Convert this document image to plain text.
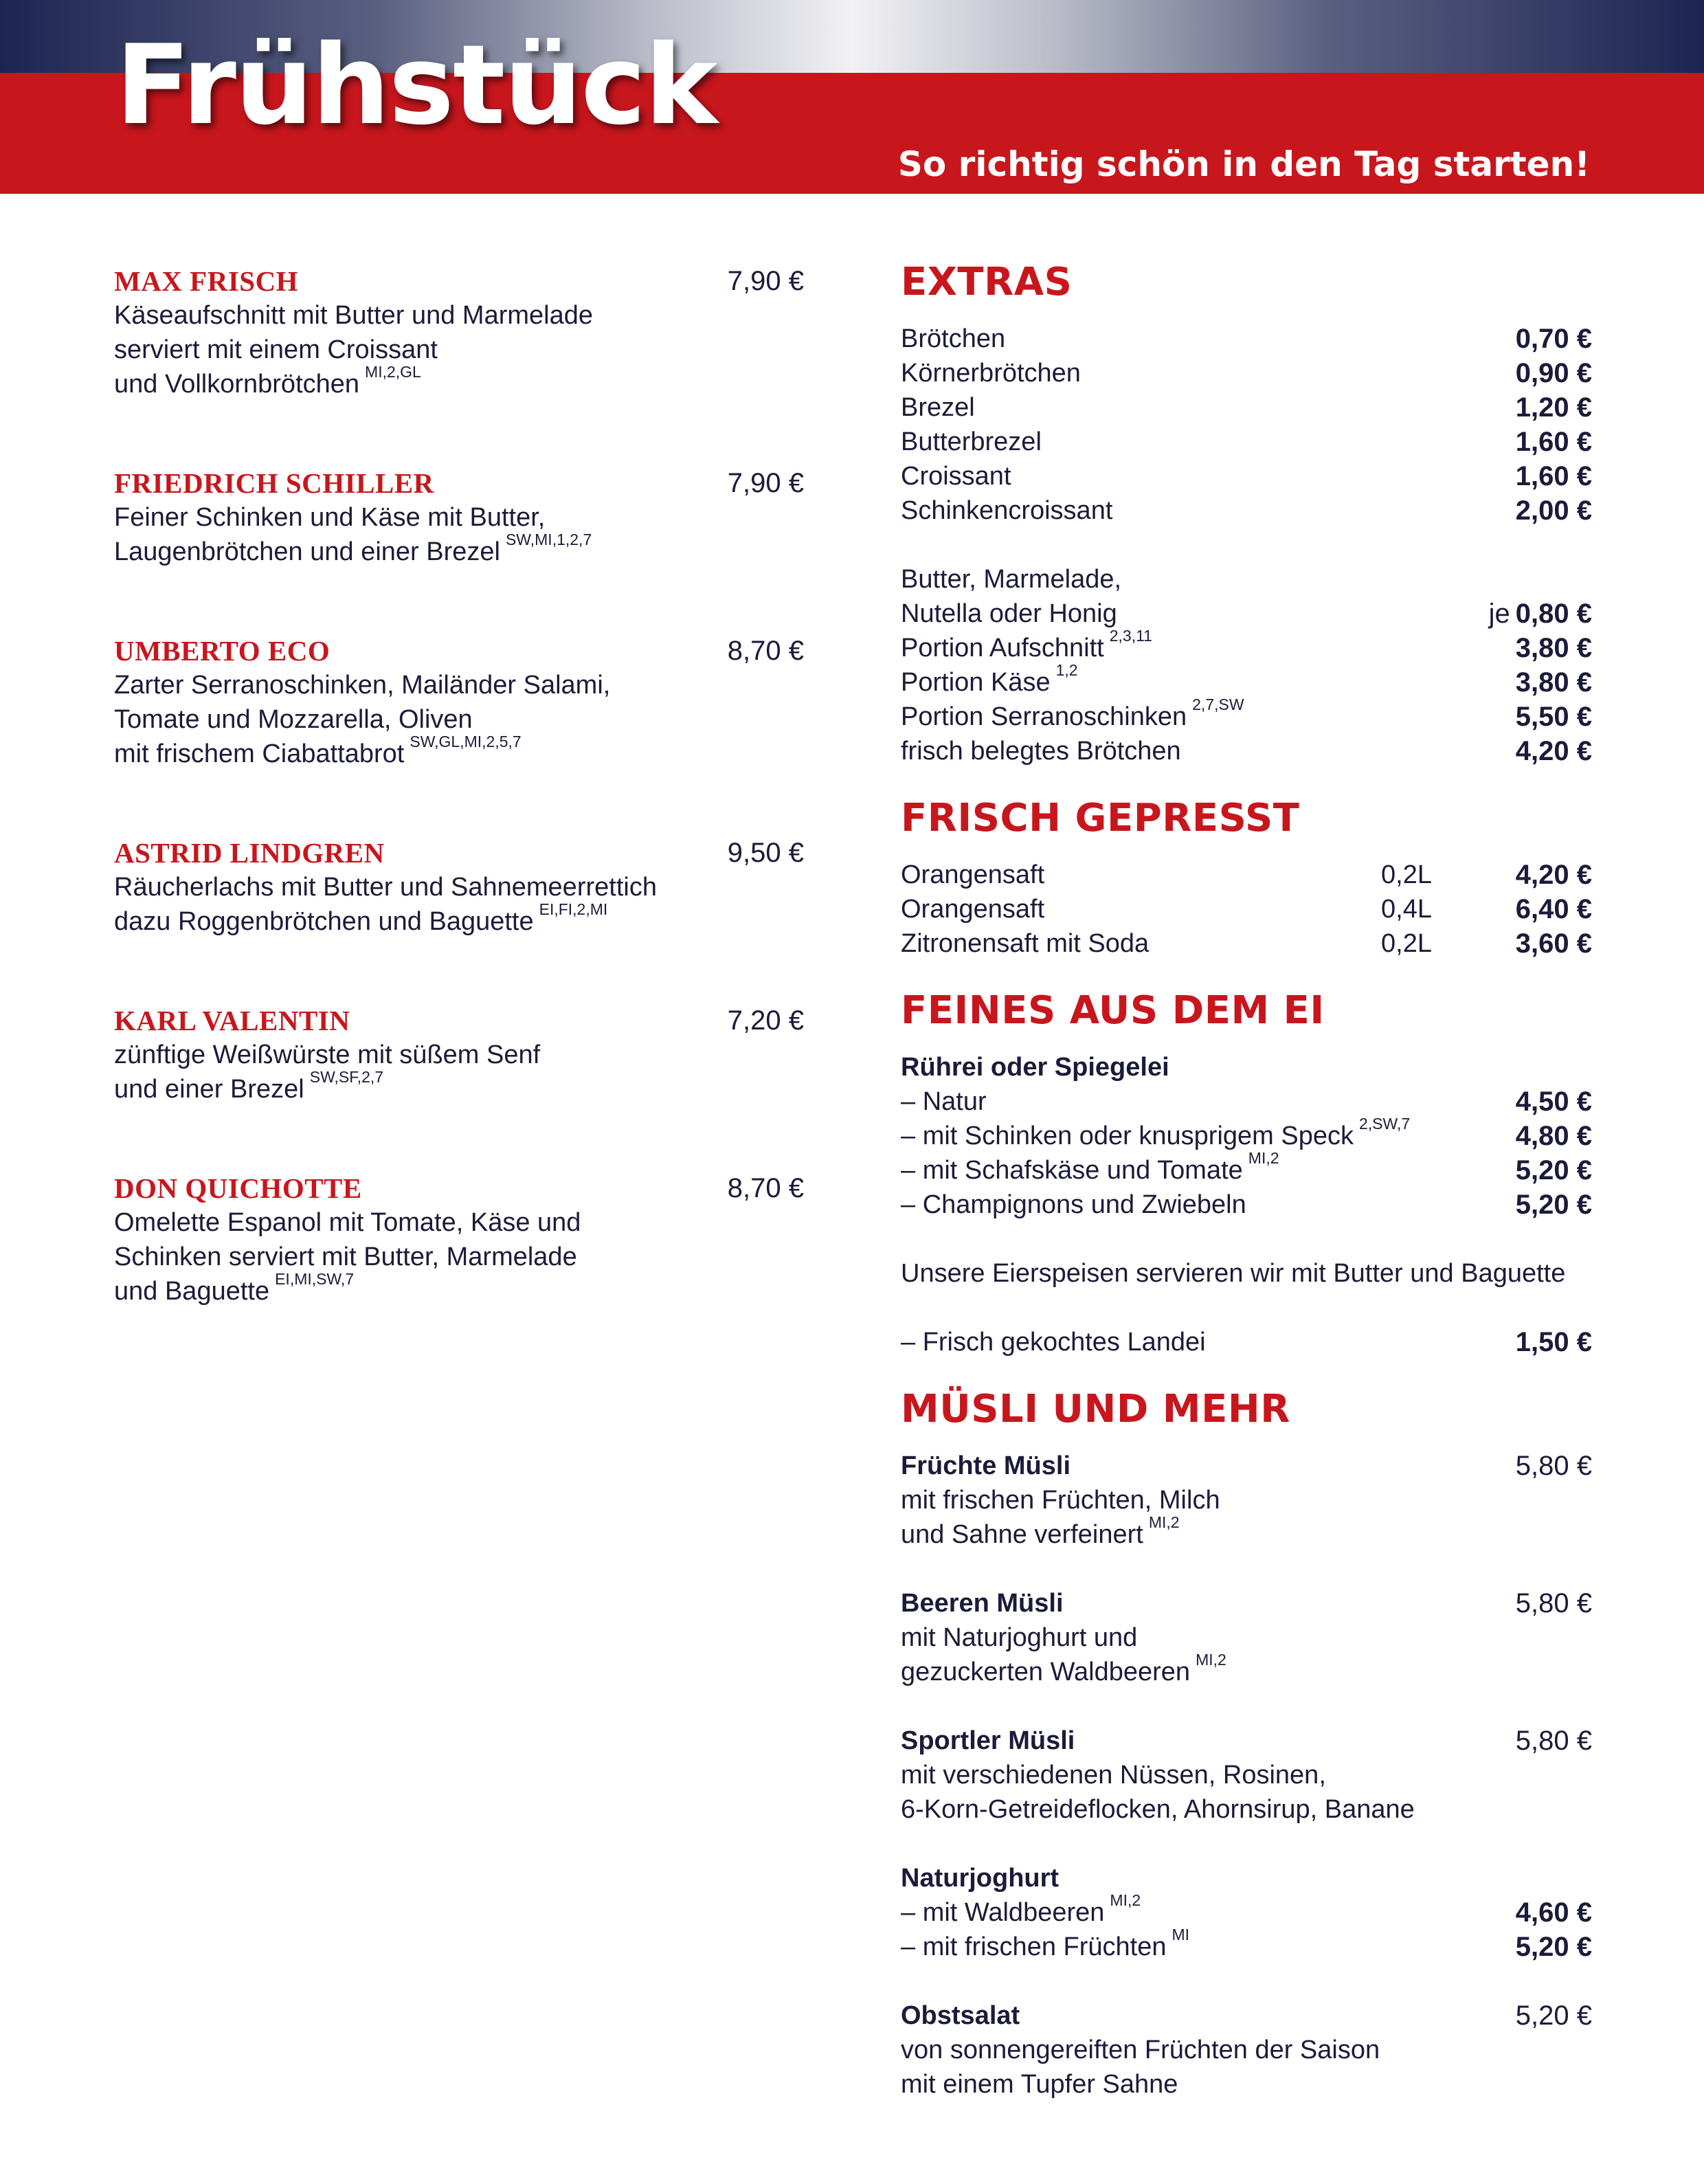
Frühstück

So richtig schön in den Tag starten!

MAX FRISCH	7,90 €
Käseaufschnitt mit Butter und Marmelade
serviert mit einem Croissant
und Vollkornbrötchen $^{MI,2,GL}$
FRIEDRICH SCHILLER	7,90 €
Feiner Schinken und Käse mit Butter,
Laugenbrötchen und einer Brezel $^{SW,MI,1,2,7}$
UMBERTO ECO	8,70 €
Zarter Serranoschinken, Mailänder Salami,
Tomate und Mozzarella, Oliven
mit frischem Ciabattabrot $^{SW,GL,MI,2,5,7}$
ASTRID LINDGREN	9,50 €
Räucherlachs mit Butter und Sahnemeerrettich
dazu Roggenbrötchen und Baguette $^{EI,FI,2,MI}$
KARL VALENTIN	7,20 €
zünftige Weißwürste mit süßem Senf
und einer Brezel $^{SW,SF,2,7}$
DON QUICHOTTE	8,70 €
Omelette Espanol mit Tomate, Käse und
Schinken serviert mit Butter, Marmelade
und Baguette $^{EI,MI,SW,7}$
EXTRAS
Brötchen	0,70 €
Körnerbrötchen	0,90 €
Brezel	1,20 €
Butterbrezel	1,60 €
Croissant	1,60 €
Schinkencroissant	2,00 €
Butter, Marmelade,
Nutella oder Honig	je 0,80 €
Portion Aufschnitt $^{2,3,11}$	3,80 €
Portion Käse $^{1,2}$	3,80 €
Portion Serranoschinken $^{2,7,SW}$	5,50 €
frisch belegtes Brötchen	4,20 €
FRISCH GEPRESST
Orangensaft	0,2L	4,20 €
Orangensaft	0,4L	6,40 €
Zitronensaft mit Soda	0,2L	3,60 €
FEINES AUS DEM EI
Rührei oder Spiegelei
– Natur	4,50 €
– mit Schinken oder knusprigem Speck $^{2,SW,7}$	4,80 €
– mit Schafskäse und Tomate $^{MI,2}$	5,20 €
– Champignons und Zwiebeln	5,20 €
Unsere Eierspeisen servieren wir mit Butter und Baguette
– Frisch gekochtes Landei	1,50 €
MÜSLI UND MEHR
Früchte Müsli	5,80 €
mit frischen Früchten, Milch
und Sahne verfeinert $^{MI,2}$
Beeren Müsli	5,80 €
mit Naturjoghurt und
gezuckerten Waldbeeren $^{MI,2}$
Sportler Müsli	5,80 €
mit verschiedenen Nüssen, Rosinen,
6-Korn-Getreideflocken, Ahornsirup, Banane
Naturjoghurt
– mit Waldbeeren $^{MI,2}$	4,60 €
– mit frischen Früchten $^{MI}$	5,20 €
Obstsalat	5,20 €
von sonnengereiften Früchten der Saison
mit einem Tupfer Sahne
